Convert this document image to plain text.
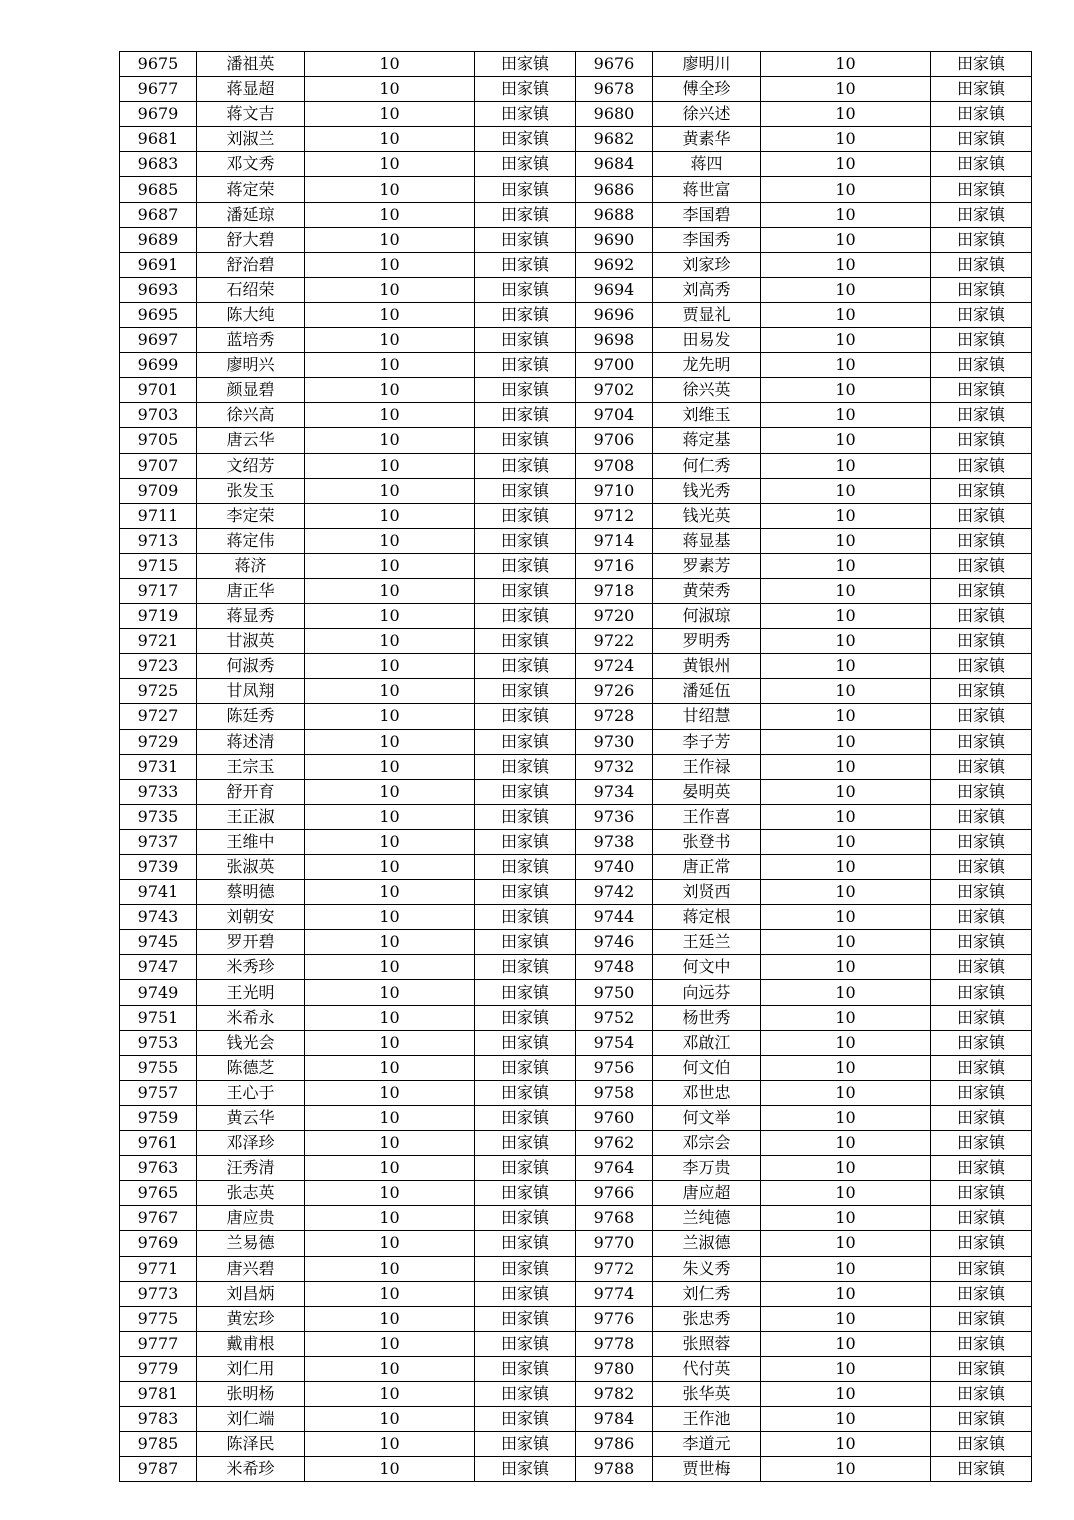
9675	潘祖英	10	田家镇	9676	廖明川	10	田家镇
9677	蒋显超	10	田家镇	9678	傅全珍	10	田家镇
9679	蒋文吉	10	田家镇	9680	徐兴述	10	田家镇
9681	刘淑兰	10	田家镇	9682	黄素华	10	田家镇
9683	邓文秀	10	田家镇	9684	蒋四	10	田家镇
9685	蒋定荣	10	田家镇	9686	蒋世富	10	田家镇
9687	潘延琼	10	田家镇	9688	李国碧	10	田家镇
9689	舒大碧	10	田家镇	9690	李国秀	10	田家镇
9691	舒治碧	10	田家镇	9692	刘家珍	10	田家镇
9693	石绍荣	10	田家镇	9694	刘高秀	10	田家镇
9695	陈大纯	10	田家镇	9696	贾显礼	10	田家镇
9697	蓝培秀	10	田家镇	9698	田易发	10	田家镇
9699	廖明兴	10	田家镇	9700	龙先明	10	田家镇
9701	颜显碧	10	田家镇	9702	徐兴英	10	田家镇
9703	徐兴高	10	田家镇	9704	刘维玉	10	田家镇
9705	唐云华	10	田家镇	9706	蒋定基	10	田家镇
9707	文绍芳	10	田家镇	9708	何仁秀	10	田家镇
9709	张发玉	10	田家镇	9710	钱光秀	10	田家镇
9711	李定荣	10	田家镇	9712	钱光英	10	田家镇
9713	蒋定伟	10	田家镇	9714	蒋显基	10	田家镇
9715	蒋济	10	田家镇	9716	罗素芳	10	田家镇
9717	唐正华	10	田家镇	9718	黄荣秀	10	田家镇
9719	蒋显秀	10	田家镇	9720	何淑琼	10	田家镇
9721	甘淑英	10	田家镇	9722	罗明秀	10	田家镇
9723	何淑秀	10	田家镇	9724	黄银州	10	田家镇
9725	甘凤翔	10	田家镇	9726	潘延伍	10	田家镇
9727	陈廷秀	10	田家镇	9728	甘绍慧	10	田家镇
9729	蒋述清	10	田家镇	9730	李子芳	10	田家镇
9731	王宗玉	10	田家镇	9732	王作禄	10	田家镇
9733	舒开育	10	田家镇	9734	晏明英	10	田家镇
9735	王正淑	10	田家镇	9736	王作喜	10	田家镇
9737	王维中	10	田家镇	9738	张登书	10	田家镇
9739	张淑英	10	田家镇	9740	唐正常	10	田家镇
9741	蔡明德	10	田家镇	9742	刘贤西	10	田家镇
9743	刘朝安	10	田家镇	9744	蒋定根	10	田家镇
9745	罗开碧	10	田家镇	9746	王廷兰	10	田家镇
9747	米秀珍	10	田家镇	9748	何文中	10	田家镇
9749	王光明	10	田家镇	9750	向远芬	10	田家镇
9751	米希永	10	田家镇	9752	杨世秀	10	田家镇
9753	钱光会	10	田家镇	9754	邓啟江	10	田家镇
9755	陈德芝	10	田家镇	9756	何文伯	10	田家镇
9757	王心于	10	田家镇	9758	邓世忠	10	田家镇
9759	黄云华	10	田家镇	9760	何文举	10	田家镇
9761	邓泽珍	10	田家镇	9762	邓宗会	10	田家镇
9763	汪秀清	10	田家镇	9764	李万贵	10	田家镇
9765	张志英	10	田家镇	9766	唐应超	10	田家镇
9767	唐应贵	10	田家镇	9768	兰纯德	10	田家镇
9769	兰易德	10	田家镇	9770	兰淑德	10	田家镇
9771	唐兴碧	10	田家镇	9772	朱义秀	10	田家镇
9773	刘昌炳	10	田家镇	9774	刘仁秀	10	田家镇
9775	黄宏珍	10	田家镇	9776	张忠秀	10	田家镇
9777	戴甫根	10	田家镇	9778	张照蓉	10	田家镇
9779	刘仁用	10	田家镇	9780	代付英	10	田家镇
9781	张明杨	10	田家镇	9782	张华英	10	田家镇
9783	刘仁端	10	田家镇	9784	王作池	10	田家镇
9785	陈泽民	10	田家镇	9786	李道元	10	田家镇
9787	米希珍	10	田家镇	9788	贾世梅	10	田家镇
